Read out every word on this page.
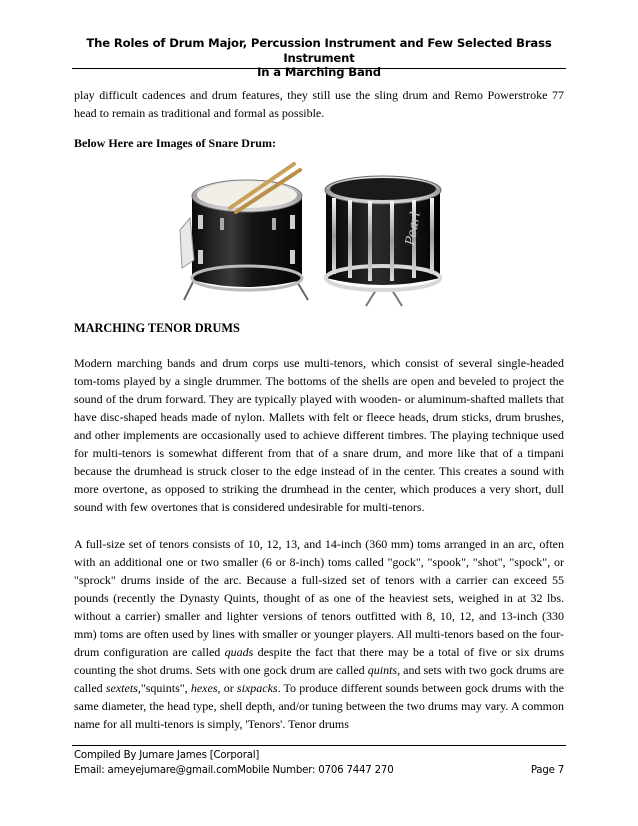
The Roles of Drum Major, Percussion Instrument and Few Selected Brass Instrument
In a Marching Band

play difficult cadences and drum features, they still use the sling drum and Remo Powerstroke 77 head to remain as traditional and formal as possible.

Below Here are Images of Snare Drum:

Pearl

MARCHING TENOR DRUMS

Modern marching bands and drum corps use multi-tenors, which consist of several single-headed tom-toms played by a single drummer. The bottoms of the shells are open and beveled to project the sound of the drum forward. They are typically played with wooden- or aluminum-shafted mallets that have disc-shaped heads made of nylon. Mallets with felt or fleece heads, drum sticks, drum brushes, and other implements are occasionally used to achieve different timbres. The playing technique used for multi-tenors is somewhat different from that of a snare drum, and more like that of a timpani because the drumhead is struck closer to the edge instead of in the center. This creates a sound with more overtone, as opposed to striking the drumhead in the center, which produces a very short, dull sound with few overtones that is considered undesirable for multi-tenors.

A full-size set of tenors consists of 10, 12, 13, and 14-inch (360 mm) toms arranged in an arc, often with an additional one or two smaller (6 or 8-inch) toms called "gock", "spook", "shot", "spock", or "sprock" drums inside of the arc. Because a full-sized set of tenors with a carrier can exceed 55 pounds (recently the Dynasty Quints, thought of as one of the heaviest sets, weighed in at 32 lbs. without a carrier) smaller and lighter versions of tenors outfitted with 8, 10, 12, and 13-inch (330 mm) toms are often used by lines with smaller or younger players. All multi-tenors based on the four-drum configuration are called quads despite the fact that there may be a total of five or six drums counting the shot drums. Sets with one gock drum are called quints, and sets with two gock drums are called sextets,"squints", hexes, or sixpacks. To produce different sounds between gock drums with the same diameter, the head type, shell depth, and/or tuning between the two drums may vary. A common name for all multi-tenors is simply, 'Tenors'. Tenor drums

Compiled By Jumare James [Corporal]
Email: ameyejumare@gmail.comMobile Number: 0706 7447 270	Page 7
